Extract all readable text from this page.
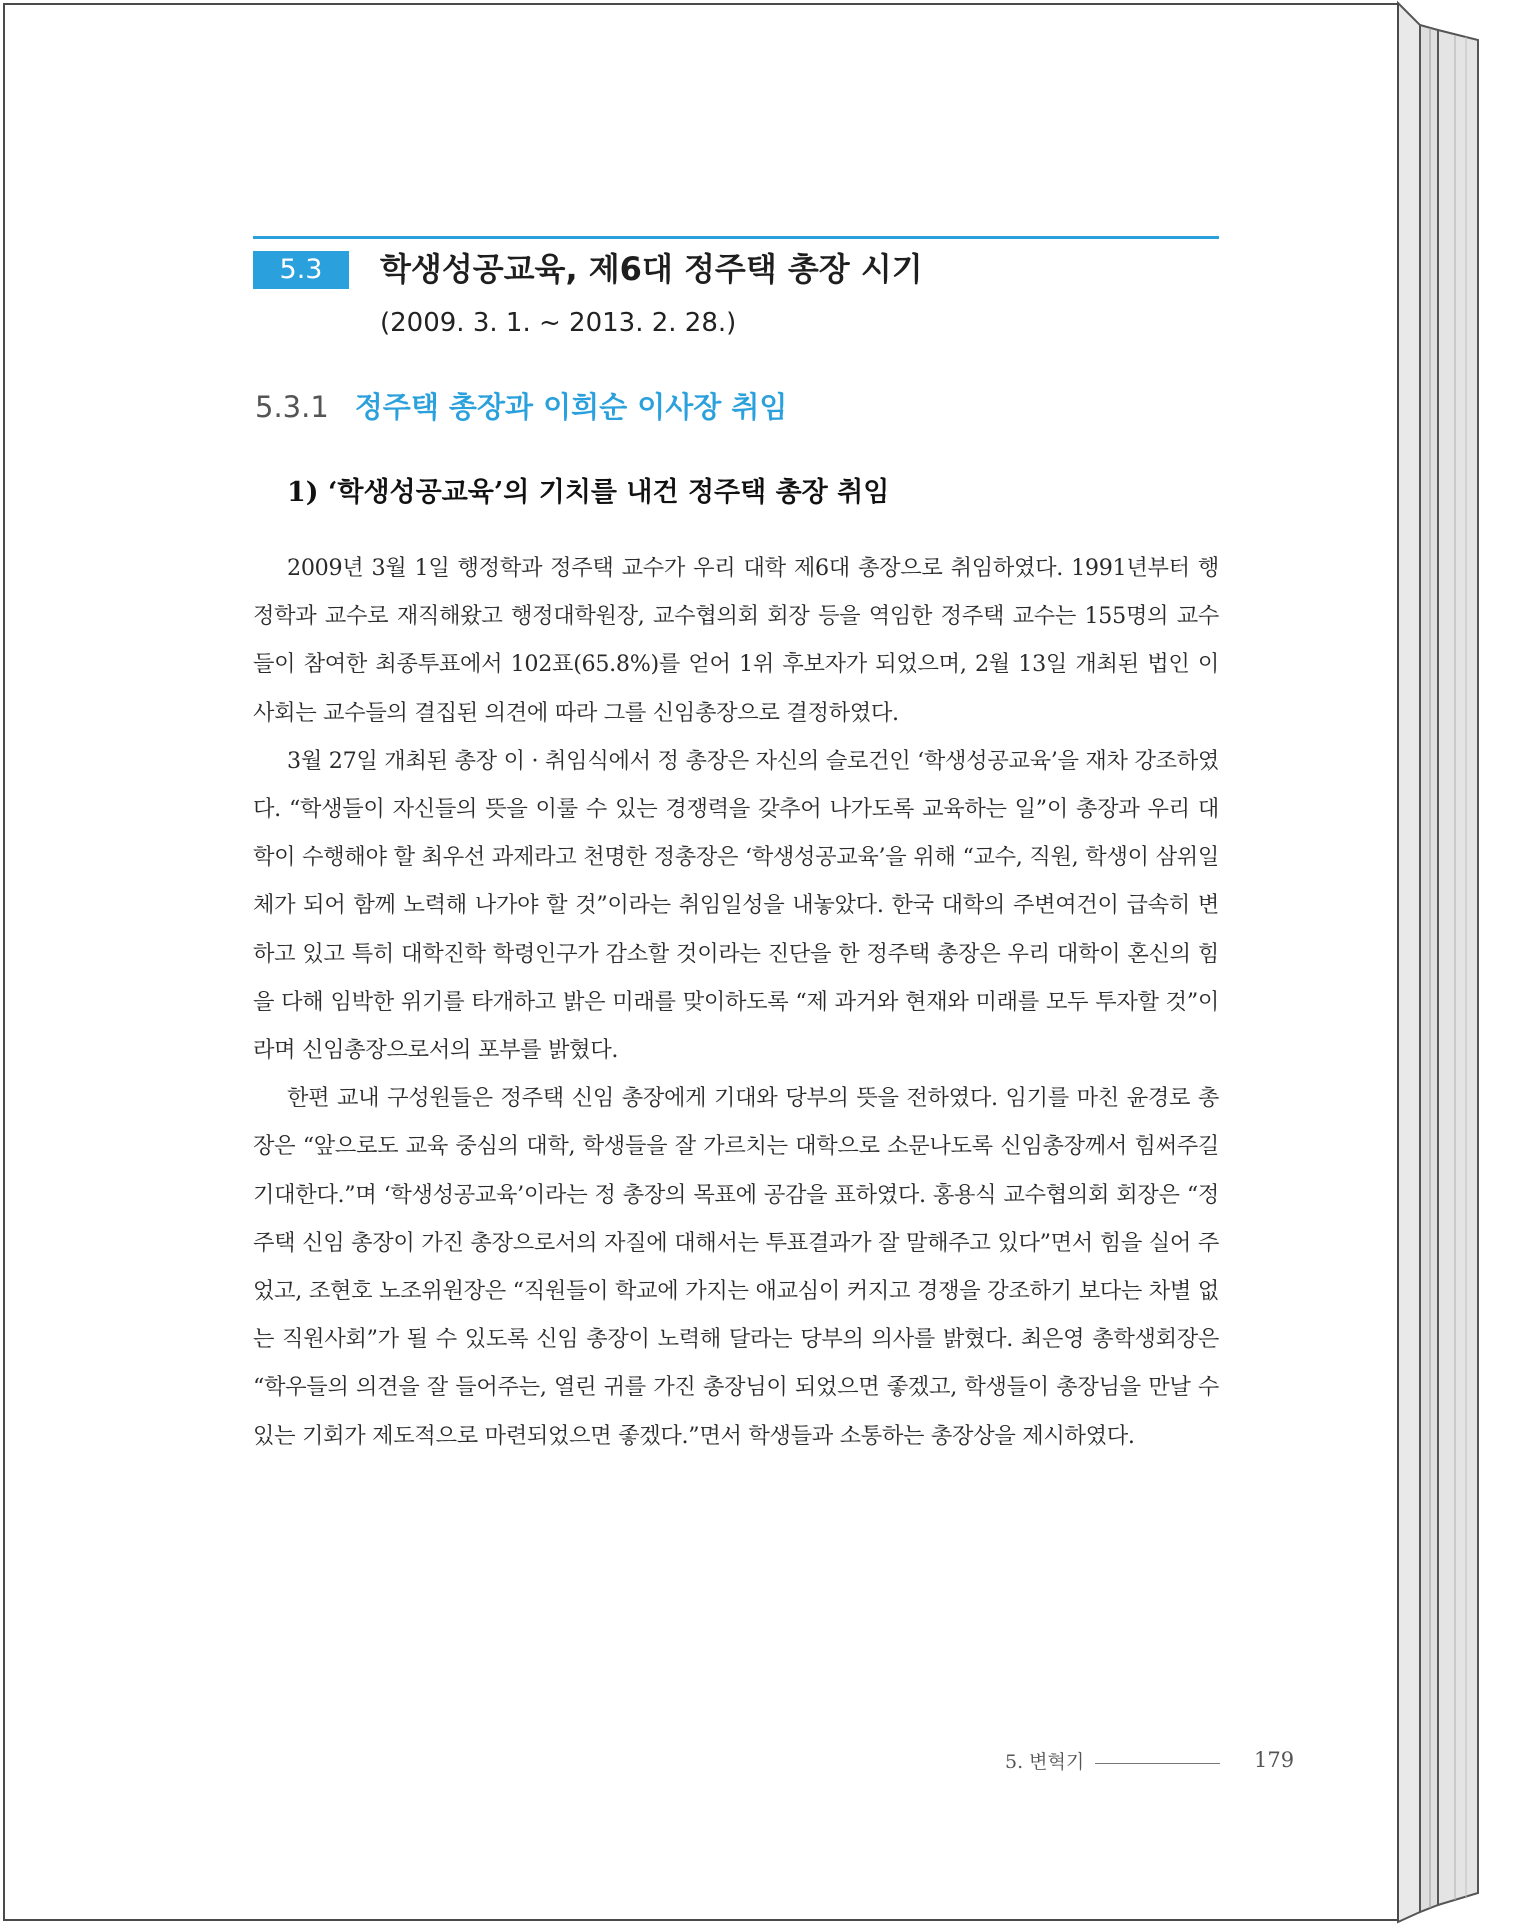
5.3	학생성공교육, 제6대 정주택 총장 시기
(2009. 3. 1. ~ 2013. 2. 28.)
5.3.1 정주택 총장과 이희순 이사장 취임
1) ‘학생성공교육’의 기치를 내건 정주택 총장 취임

2009년 3월 1일 행정학과 정주택 교수가 우리 대학 제6대 총장으로 취임하였다. 1991년부터 행정학과 교수로 재직해왔고 행정대학원장, 교수협의회 회장 등을 역임한 정주택 교수는 155명의 교수들이 참여한 최종투표에서 102표(65.8%)를 얻어 1위 후보자가 되었으며, 2월 13일 개최된 법인 이사회는 교수들의 결집된 의견에 따라 그를 신임총장으로 결정하였다.

3월 27일 개최된 총장 이 · 취임식에서 정 총장은 자신의 슬로건인 ‘학생성공교육’을 재차 강조하였다. “학생들이 자신들의 뜻을 이룰 수 있는 경쟁력을 갖추어 나가도록 교육하는 일”이 총장과 우리 대학이 수행해야 할 최우선 과제라고 천명한 정총장은 ‘학생성공교육’을 위해 “교수, 직원, 학생이 삼위일체가 되어 함께 노력해 나가야 할 것”이라는 취임일성을 내놓았다. 한국 대학의 주변여건이 급속히 변하고 있고 특히 대학진학 학령인구가 감소할 것이라는 진단을 한 정주택 총장은 우리 대학이 혼신의 힘을 다해 임박한 위기를 타개하고 밝은 미래를 맞이하도록 “제 과거와 현재와 미래를 모두 투자할 것”이라며 신임총장으로서의 포부를 밝혔다.

한편 교내 구성원들은 정주택 신임 총장에게 기대와 당부의 뜻을 전하였다. 임기를 마친 윤경로 총장은 “앞으로도 교육 중심의 대학, 학생들을 잘 가르치는 대학으로 소문나도록 신임총장께서 힘써주길 기대한다.”며 ‘학생성공교육’이라는 정 총장의 목표에 공감을 표하였다. 홍용식 교수협의회 회장은 “정주택 신임 총장이 가진 총장으로서의 자질에 대해서는 투표결과가 잘 말해주고 있다”면서 힘을 실어 주었고, 조현호 노조위원장은 “직원들이 학교에 가지는 애교심이 커지고 경쟁을 강조하기 보다는 차별 없는 직원사회”가 될 수 있도록 신임 총장이 노력해 달라는 당부의 의사를 밝혔다. 최은영 총학생회장은 “학우들의 의견을 잘 들어주는, 열린 귀를 가진 총장님이 되었으면 좋겠고, 학생들이 총장님을 만날 수 있는 기회가 제도적으로 마련되었으면 좋겠다.”면서 학생들과 소통하는 총장상을 제시하였다.

5. 변혁기	179
